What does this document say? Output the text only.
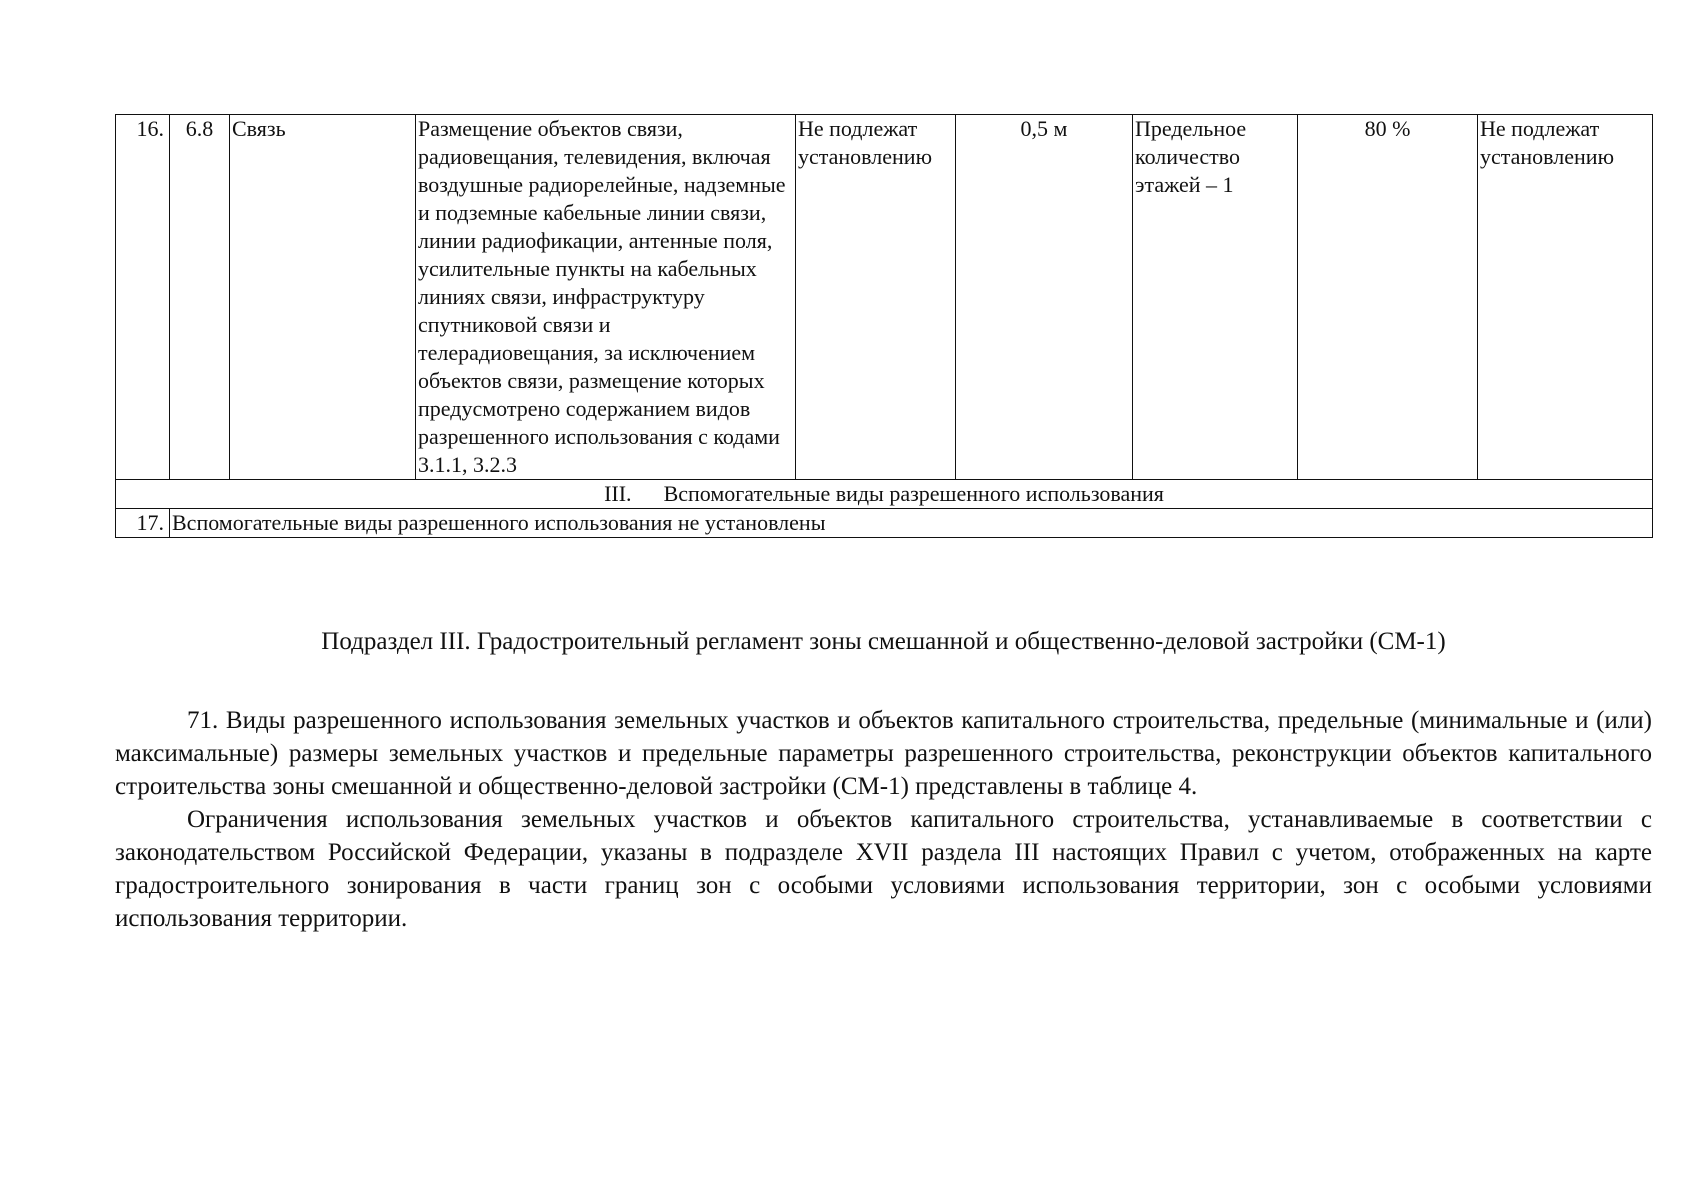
16.	6.8	Связь	Размещение объектов связи, радиовещания, телевидения, включая воздушные радиорелейные, надземные и подземные кабельные линии связи, линии радиофикации, антенные поля, усилительные пункты на кабельных линиях связи, инфраструктуру спутниковой связи и телерадиовещания, за исключением объектов связи, размещение которых предусмотрено содержанием видов разрешенного использования с кодами 3.1.1, 3.2.3	Не подлежат установлению	0,5 м	Предельное количество этажей – 1	80 %	Не подлежат установлению
III. Вспомогательные виды разрешенного использования								
17.	Вспомогательные виды разрешенного использования не установлены							
Подраздел III. Градостроительный регламент зоны смешанной и общественно-деловой застройки (СМ-1)

71. Виды разрешенного использования земельных участков и объектов капитального строительства, предельные (минимальные и (или) максимальные) размеры земельных участков и предельные параметры разрешенного строительства, реконструкции объектов капитального строительства зоны смешанной и общественно-деловой застройки (СМ-1) представлены в таблице 4.

Ограничения использования земельных участков и объектов капитального строительства, устанавливаемые в соответствии с законодательством Российской Федерации, указаны в подразделе XVII раздела III настоящих Правил с учетом, отображенных на карте градостроительного зонирования в части границ зон с особыми условиями использования территории, зон с особыми условиями использования территории.
